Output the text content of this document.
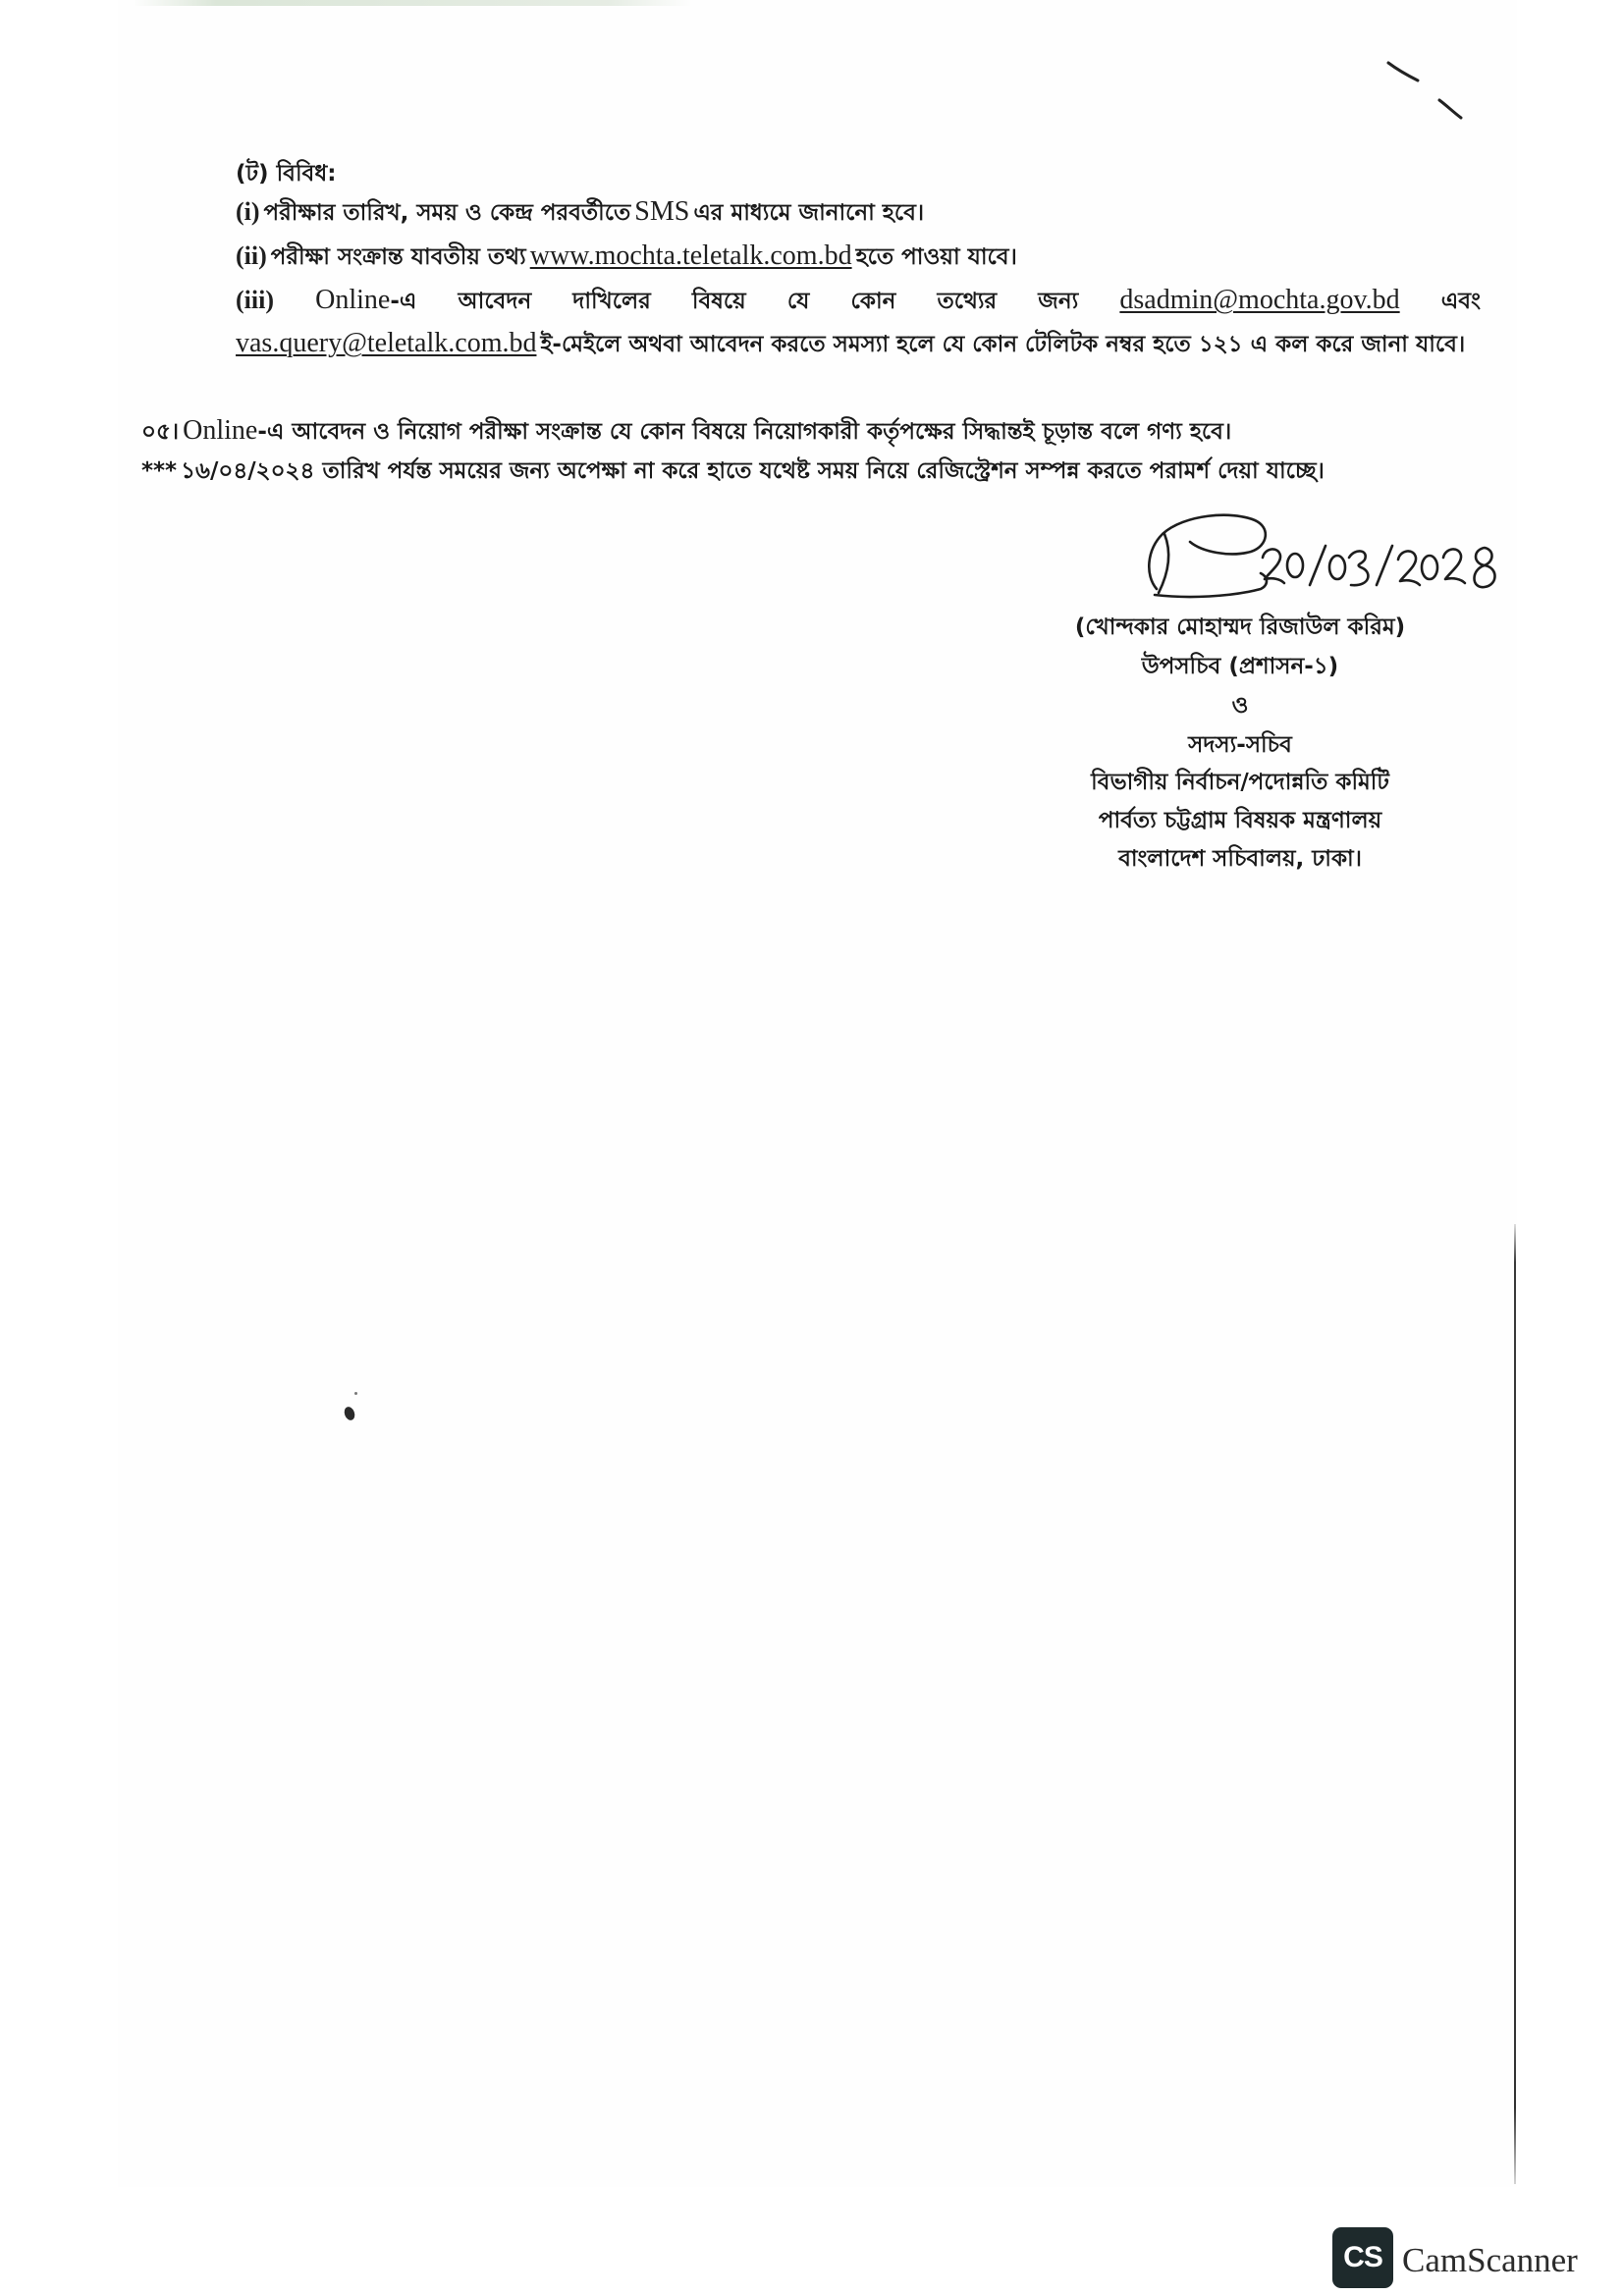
(ট) বিবিধ:
(i) পরীক্ষার তারিখ, সময় ও কেন্দ্র পরবর্তীতে SMS এর মাধ্যমে জানানো হবে।
(ii) পরীক্ষা সংক্রান্ত যাবতীয় তথ্য www.mochta.teletalk.com.bd হতে পাওয়া যাবে।
(iii) Online-এ আবেদন দাখিলের বিষয়ে যে কোন তথ্যের জন্য dsadmin@mochta.gov.bd এবং
vas.query@teletalk.com.bd ই-মেইলে অথবা আবেদন করতে সমস্যা হলে যে কোন টেলিটক নম্বর হতে ১২১ এ কল করে জানা যাবে।
০৫। Online-এ আবেদন ও নিয়োগ পরীক্ষা সংক্রান্ত যে কোন বিষয়ে নিয়োগকারী কর্তৃপক্ষের সিদ্ধান্তই চূড়ান্ত বলে গণ্য হবে।
*** ১৬/০৪/২০২৪ তারিখ পর্যন্ত সময়ের জন্য অপেক্ষা না করে হাতে যথেষ্ট সময় নিয়ে রেজিস্ট্রেশন সম্পন্ন করতে পরামর্শ দেয়া যাচ্ছে।
(খোন্দকার মোহাম্মদ রিজাউল করিম)
উপসচিব (প্রশাসন-১)
ও
সদস্য-সচিব
বিভাগীয় নির্বাচন/পদোন্নতি কমিটি
পার্বত্য চট্টগ্রাম বিষয়ক মন্ত্রণালয়
বাংলাদেশ সচিবালয়, ঢাকা।
CS CamScanner
